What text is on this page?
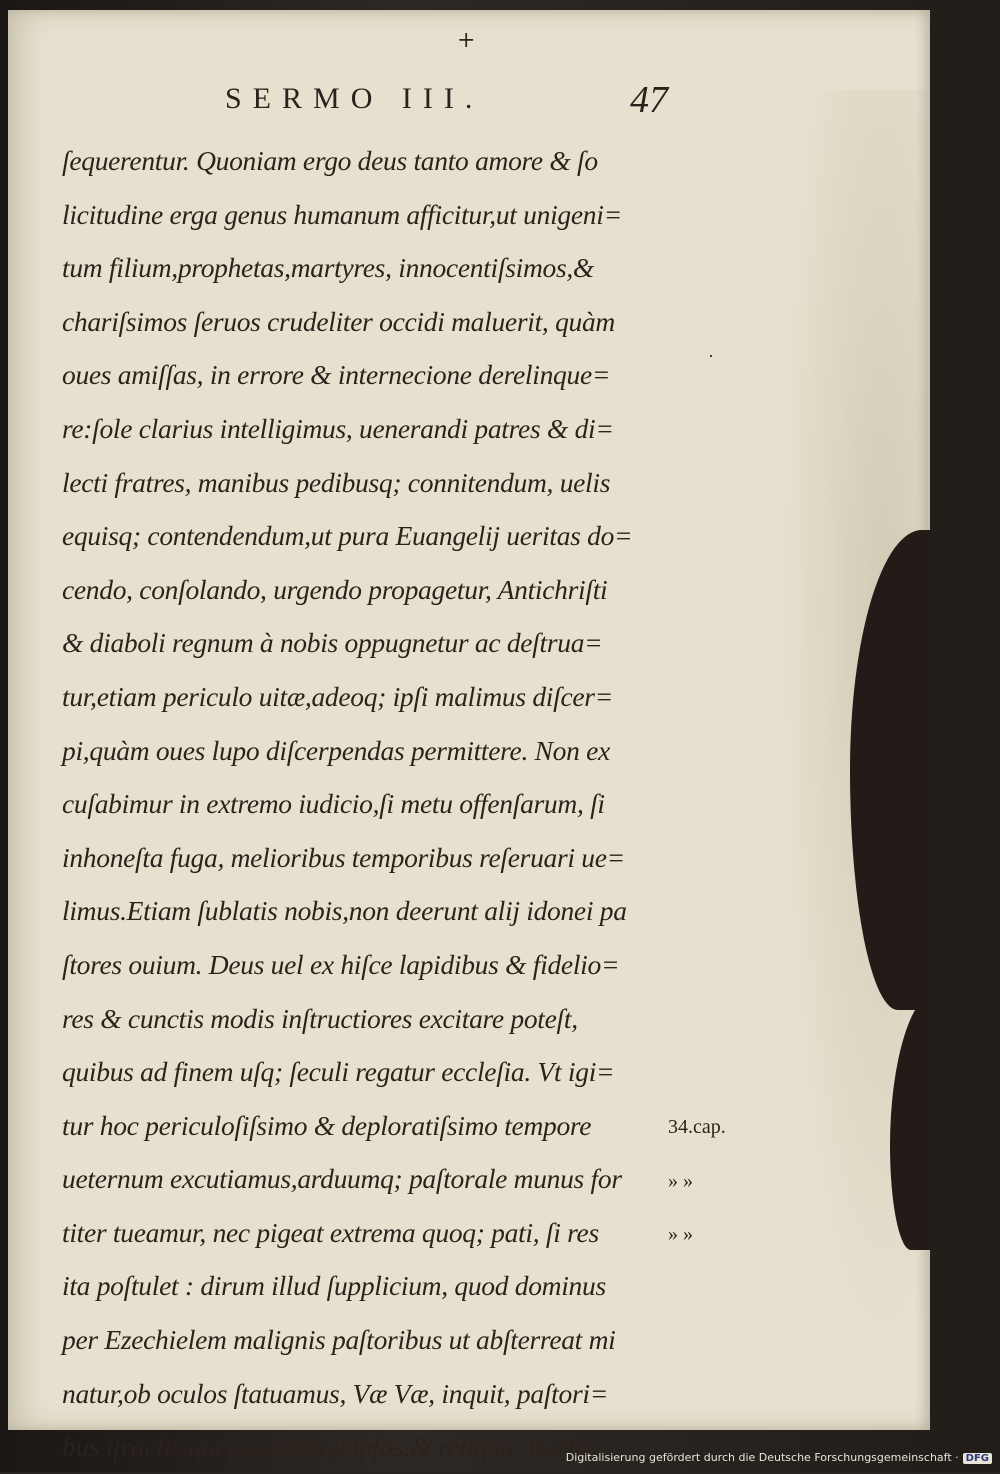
+
SERMO III.	47
ſequerentur. Quoniam ergo deus tanto amore & ſo
licitudine erga genus humanum afficitur,ut unigeni=
tum filium,prophetas,martyres, innocentiſsimos,&
chariſsimos ſeruos crudeliter occidi maluerit, quàm
oues amiſſas, in errore & internecione derelinque=
re:ſole clarius intelligimus, uenerandi patres & di=
lecti fratres, manibus pedibusq; connitendum, uelis
equisq; contendendum,ut pura Euangelij ueritas do=
cendo, conſolando, urgendo propagetur, Antichriſti
& diaboli regnum à nobis oppugnetur ac deſtrua=
tur,etiam periculo uitæ,adeoq; ipſi malimus diſcer=
pi,quàm oues lupo diſcerpendas permittere. Non ex
cuſabimur in extremo iudicio,ſi metu offenſarum, ſi
inhoneſta fuga, melioribus temporibus reſeruari ue=
limus.Etiam ſublatis nobis,non deerunt alij idonei pa
ſtores ouium. Deus uel ex hiſce lapidibus & fidelio=
res & cunctis modis inſtructiores excitare poteſt,
quibus ad finem uſq; ſeculi regatur eccleſia. Vt igi=
tur hoc periculoſiſsimo & deploratiſsimo tempore
ueternum excutiamus,arduumq; paſtorale munus for
titer tueamur, nec pigeat extrema quoq; pati, ſi res
ita poſtulet : dirum illud ſupplicium, quod dominus
per Ezechielem malignis paſtoribus ut abſterreat mi
natur,ob oculos ſtatuamus, Væ Væ, inquit, paſtori=
bus iſraelis,qui pauerunt ſeipſos.& reliqua. Rurſus
·
34.cap.
» »
» »
Digitalisierung gefördert durch die Deutsche Forschungsgemeinschaft · DFG
